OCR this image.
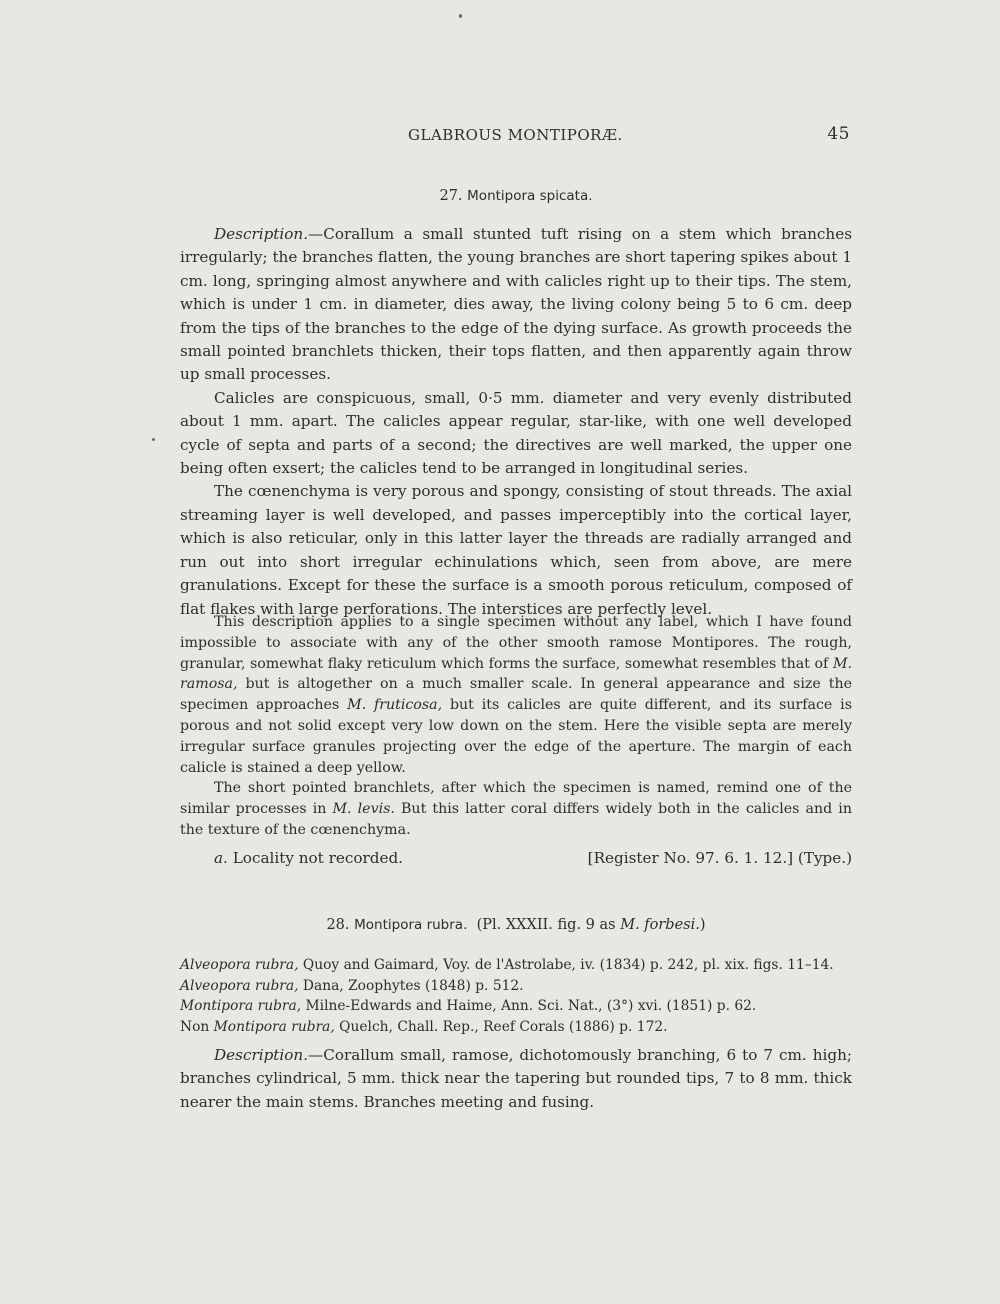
GLABROUS MONTIPORÆ.	45
27. Montipora spicata.

Description.—Corallum a small stunted tuft rising on a stem which branches irregularly; the branches flatten, the young branches are short tapering spikes about 1 cm. long, springing almost anywhere and with calicles right up to their tips. The stem, which is under 1 cm. in diameter, dies away, the living colony being 5 to 6 cm. deep from the tips of the branches to the edge of the dying surface. As growth proceeds the small pointed branchlets thicken, their tops flatten, and then apparently again throw up small processes.

Calicles are conspicuous, small, 0·5 mm. diameter and very evenly distributed about 1 mm. apart. The calicles appear regular, star-like, with one well developed cycle of septa and parts of a second; the directives are well marked, the upper one being often exsert; the calicles tend to be arranged in longitudinal series.

The cœnenchyma is very porous and spongy, consisting of stout threads. The axial streaming layer is well developed, and passes imperceptibly into the cortical layer, which is also reticular, only in this latter layer the threads are radially arranged and run out into short irregular echinulations which, seen from above, are mere granulations. Except for these the surface is a smooth porous reticulum, composed of flat flakes with large perforations. The interstices are perfectly level.

This description applies to a single specimen without any label, which I have found impossible to associate with any of the other smooth ramose Montipores. The rough, granular, somewhat flaky reticulum which forms the surface, somewhat resembles that of M. ramosa, but is altogether on a much smaller scale. In general appearance and size the specimen approaches M. fruticosa, but its calicles are quite different, and its surface is porous and not solid except very low down on the stem. Here the visible septa are merely irregular surface granules projecting over the edge of the aperture. The margin of each calicle is stained a deep yellow.

The short pointed branchlets, after which the specimen is named, remind one of the similar processes in M. levis. But this latter coral differs widely both in the calicles and in the texture of the cœnenchyma.

a. Locality not recorded.	[Register No. 97. 6. 1. 12.] (Type.)
28. Montipora rubra. (Pl. XXXII. fig. 9 as M. forbesi.)
Alveopora rubra, Quoy and Gaimard, Voy. de l'Astrolabe, iv. (1834) p. 242, pl. xix. figs. 11–14.
Alveopora rubra, Dana, Zoophytes (1848) p. 512.
Montipora rubra, Milne-Edwards and Haime, Ann. Sci. Nat., (3°) xvi. (1851) p. 62.
Non Montipora rubra, Quelch, Chall. Rep., Reef Corals (1886) p. 172.

Description.—Corallum small, ramose, dichotomously branching, 6 to 7 cm. high; branches cylindrical, 5 mm. thick near the tapering but rounded tips, 7 to 8 mm. thick nearer the main stems. Branches meeting and fusing.
